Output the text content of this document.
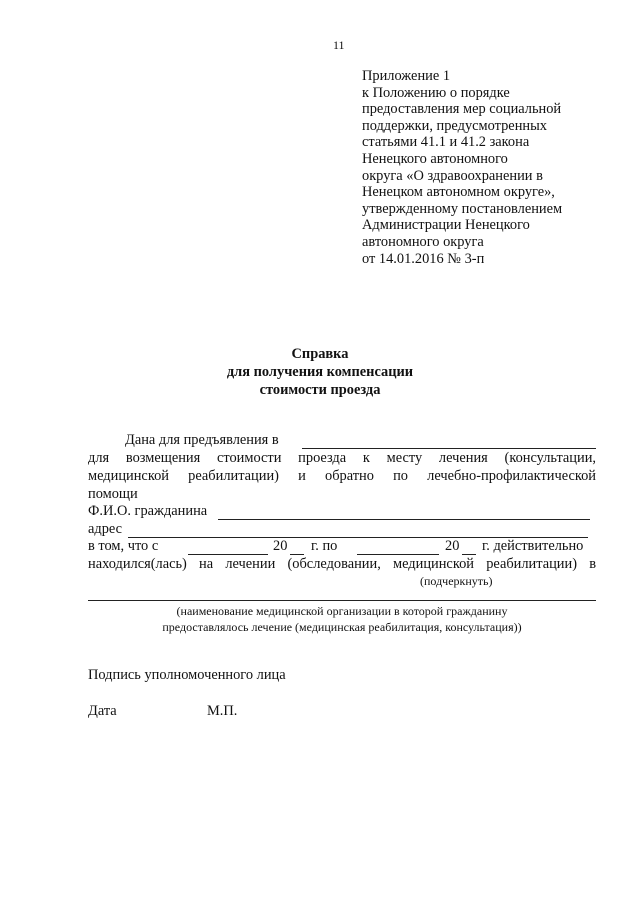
11
Приложение 1
к Положению о порядке
предоставления мер социальной
поддержки, предусмотренных
статьями 41.1 и 41.2 закона
Ненецкого автономного
округа «О здравоохранении в
Ненецком автономном округе»,
утвержденному постановлением
Администрации Ненецкого
автономного округа
от 14.01.2016 № 3-п
Справка
для получения компенсации
стоимости проезда
Дана для предъявления в
для возмещения стоимости проезда к месту лечения (консультации,
медицинской реабилитации) и обратно по лечебно-профилактической
помощи
Ф.И.О. гражданина
адрес
в том, что с	20 г. по	20 г. действительно
находился(лась) на лечении (обследовании, медицинской реабилитации) в
(подчеркнуть)
(наименование медицинской организации в которой гражданину
предоставлялось лечение (медицинская реабилитация, консультация))
Подпись уполномоченного лица
Дата	М.П.
